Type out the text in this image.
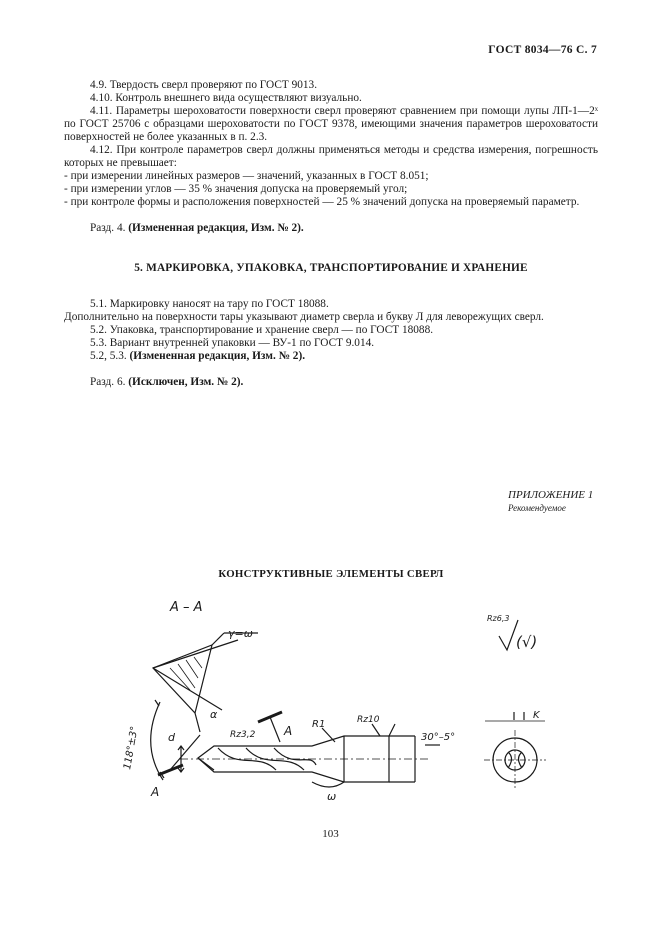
ГОСТ 8034—76 С. 7
4.9. Твердость сверл проверяют по ГОСТ 9013.
4.10. Контроль внешнего вида осуществляют визуально.
4.11. Параметры шероховатости поверхности сверл проверяют сравнением при помощи лупы ЛП-1—2ˣ по ГОСТ 25706 с образцами шероховатости по ГОСТ 9378, имеющими значения параметров шероховатости поверхностей не более указанных в п. 2.3.
4.12. При контроле параметров сверл должны применяться методы и средства измерения, погрешность которых не превышает:
- при измерении линейных размеров — значений, указанных в ГОСТ 8.051;
- при измерении углов — 35 % значения допуска на проверяемый угол;
- при контроле формы и расположения поверхностей — 25 % значений допуска на проверяемый параметр.
Разд. 4. (Измененная редакция, Изм. № 2).
5. МАРКИРОВКА, УПАКОВКА, ТРАНСПОРТИРОВАНИЕ И ХРАНЕНИЕ
5.1. Маркировку наносят на тару по ГОСТ 18088.
Дополнительно на поверхности тары указывают диаметр сверла и букву Л для леворежущих сверл.
5.2. Упаковка, транспортирование и хранение сверл — по ГОСТ 18088.
5.3. Вариант внутренней упаковки — ВУ-1 по ГОСТ 9.014.
5.2, 5.3. (Измененная редакция, Изм. № 2).
Разд. 6. (Исключен, Изм. № 2).
ПРИЛОЖЕНИЕ 1
Рекомендуемое
КОНСТРУКТИВНЫЕ ЭЛЕМЕНТЫ СВЕРЛ
А – А
γ=ω
α
118°±3°
A
A
d	Rz3,2
R1	Rz10
30°–5°
ω
K
Rz6,3
(√)
103
